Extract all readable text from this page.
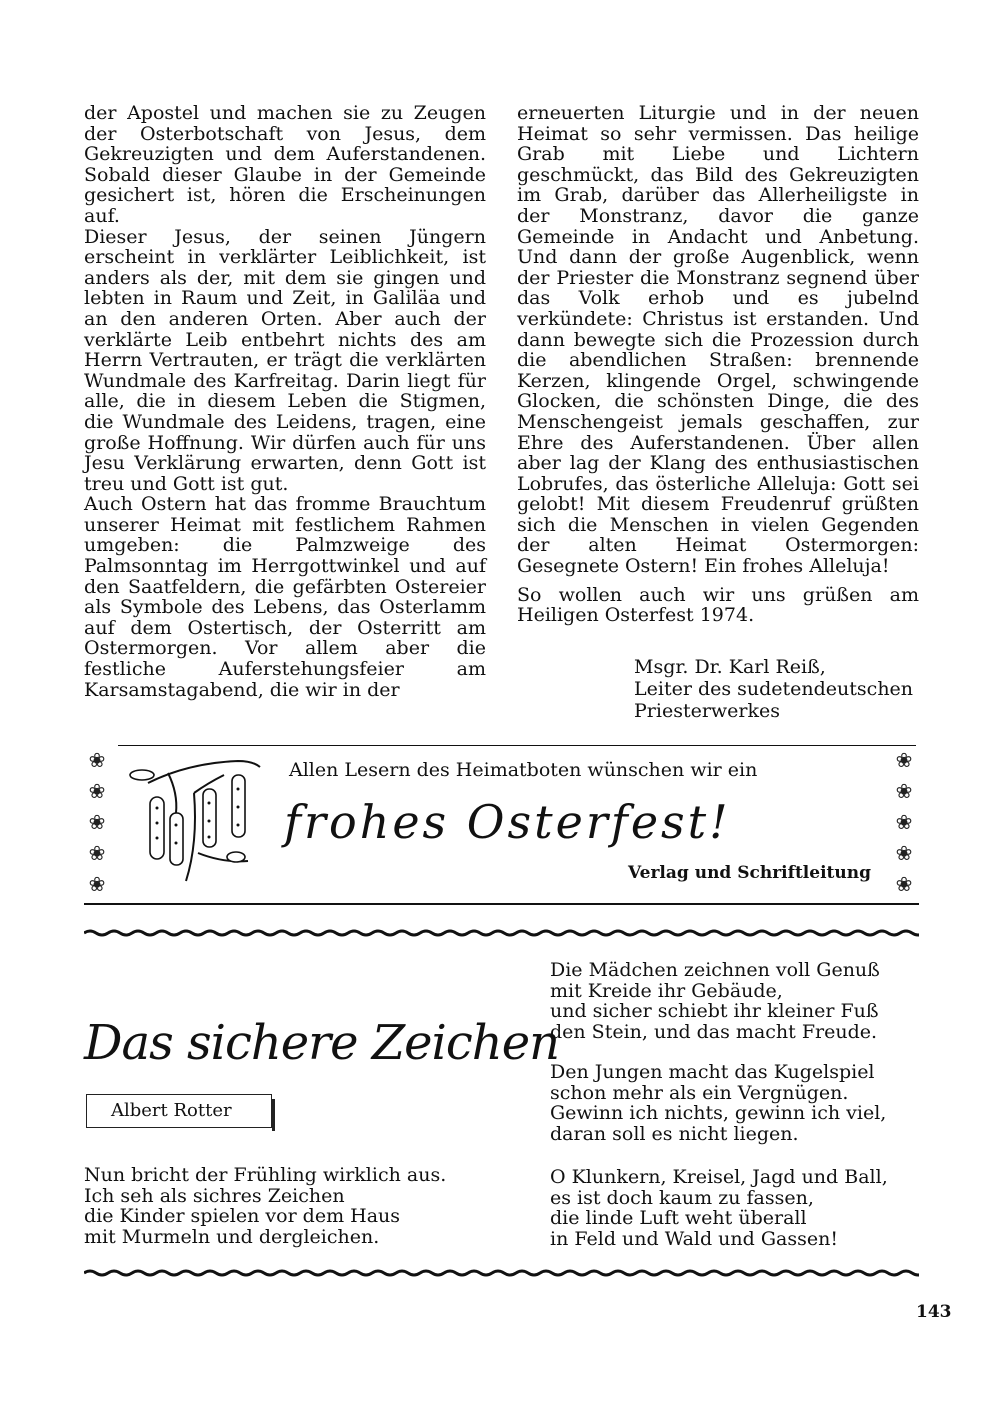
der Apostel und machen sie zu Zeugen der Osterbotschaft von Jesus, dem Gekreuzigten und dem Auferstandenen. Sobald dieser Glaube in der Gemeinde gesichert ist, hören die Erscheinungen auf.

Dieser Jesus, der seinen Jüngern erscheint in verklärter Leiblichkeit, ist anders als der, mit dem sie gingen und lebten in Raum und Zeit, in Galiläa und an den anderen Orten. Aber auch der verklärte Leib entbehrt nichts des am Herrn Vertrauten, er trägt die verklärten Wundmale des Karfreitag. Darin liegt für alle, die in diesem Leben die Stigmen, die Wundmale des Leidens, tragen, eine große Hoffnung. Wir dürfen auch für uns Jesu Verklärung erwarten, denn Gott ist treu und Gott ist gut.

Auch Ostern hat das fromme Brauchtum unserer Heimat mit festlichem Rahmen umgeben: die Palmzweige des Palmsonntag im Herrgottwinkel und auf den Saatfeldern, die gefärbten Ostereier als Symbole des Lebens, das Osterlamm auf dem Ostertisch, der Osterritt am Ostermorgen. Vor allem aber die festliche Auferstehungsfeier am Karsamstagabend, die wir in der

erneuerten Liturgie und in der neuen Heimat so sehr vermissen. Das heilige Grab mit Liebe und Lichtern geschmückt, das Bild des Gekreuzigten im Grab, darüber das Allerheiligste in der Monstranz, davor die ganze Gemeinde in Andacht und Anbetung. Und dann der große Augenblick, wenn der Priester die Monstranz segnend über das Volk erhob und es jubelnd verkündete: Christus ist erstanden. Und dann bewegte sich die Prozession durch die abendlichen Straßen: brennende Kerzen, klingende Orgel, schwingende Glocken, die schönsten Dinge, die des Menschengeist jemals geschaffen, zur Ehre des Auferstandenen. Über allen aber lag der Klang des enthusiastischen Lobrufes, das österliche Alleluja: Gott sei gelobt! Mit diesem Freudenruf grüßten sich die Menschen in vielen Gegenden der alten Heimat Ostermorgen: Gesegnete Ostern! Ein frohes Alleluja!

So wollen auch wir uns grüßen am Heiligen Osterfest 1974.

Msgr. Dr. Karl Reiß,
Leiter des sudetendeutschen
Priesterwerkes
❀
❀
❀
❀
❀
❀
❀
❀
❀
❀
Allen Lesern des Heimatboten wünschen wir ein
frohes Osterfest!
Verlag und Schriftleitung
Das sichere Zeichen
Albert Rotter
Nun bricht der Frühling wirklich aus.
Ich seh als sichres Zeichen
die Kinder spielen vor dem Haus
mit Murmeln und dergleichen.
Die Mädchen zeichnen voll Genuß
mit Kreide ihr Gebäude,
und sicher schiebt ihr kleiner Fuß
den Stein, und das macht Freude.
Den Jungen macht das Kugelspiel
schon mehr als ein Vergnügen.
Gewinn ich nichts, gewinn ich viel,
daran soll es nicht liegen.
O Klunkern, Kreisel, Jagd und Ball,
es ist doch kaum zu fassen,
die linde Luft weht überall
in Feld und Wald und Gassen!
143
